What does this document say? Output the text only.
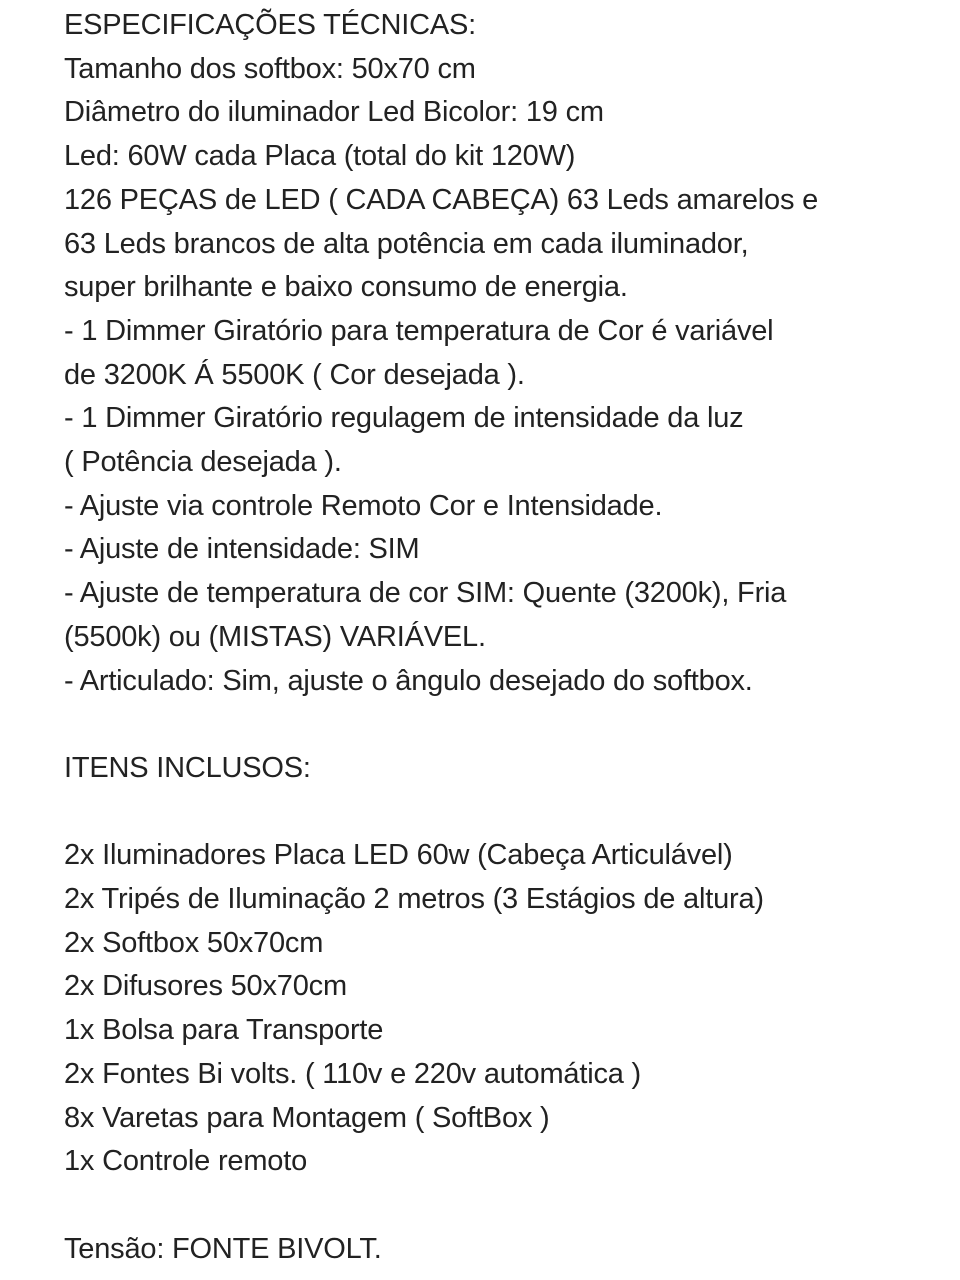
ESPECIFICAÇÕES TÉCNICAS:
Tamanho dos softbox: 50x70 cm
Diâmetro do iluminador Led Bicolor: 19 cm
Led: 60W cada Placa (total do kit 120W)
126 PEÇAS de LED ( CADA CABEÇA) 63 Leds amarelos e
63 Leds brancos de alta potência em cada iluminador,
super brilhante e baixo consumo de energia.
- 1 Dimmer Giratório para temperatura de Cor é variável
de 3200K Á 5500K ( Cor desejada ).
- 1 Dimmer Giratório regulagem de intensidade da luz
( Potência desejada ).
- Ajuste via controle Remoto Cor e Intensidade.
- Ajuste de intensidade: SIM
- Ajuste de temperatura de cor SIM: Quente (3200k), Fria
(5500k) ou (MISTAS) VARIÁVEL.
- Articulado: Sim, ajuste o ângulo desejado do softbox.
ITENS INCLUSOS:
2x Iluminadores Placa LED 60w (Cabeça Articulável)
2x Tripés de Iluminação 2 metros (3 Estágios de altura)
2x Softbox 50x70cm
2x Difusores 50x70cm
1x Bolsa para Transporte
2x Fontes Bi volts. ( 110v e 220v automática )
8x Varetas para Montagem ( SoftBox )
1x Controle remoto
Tensão: FONTE BIVOLT.
